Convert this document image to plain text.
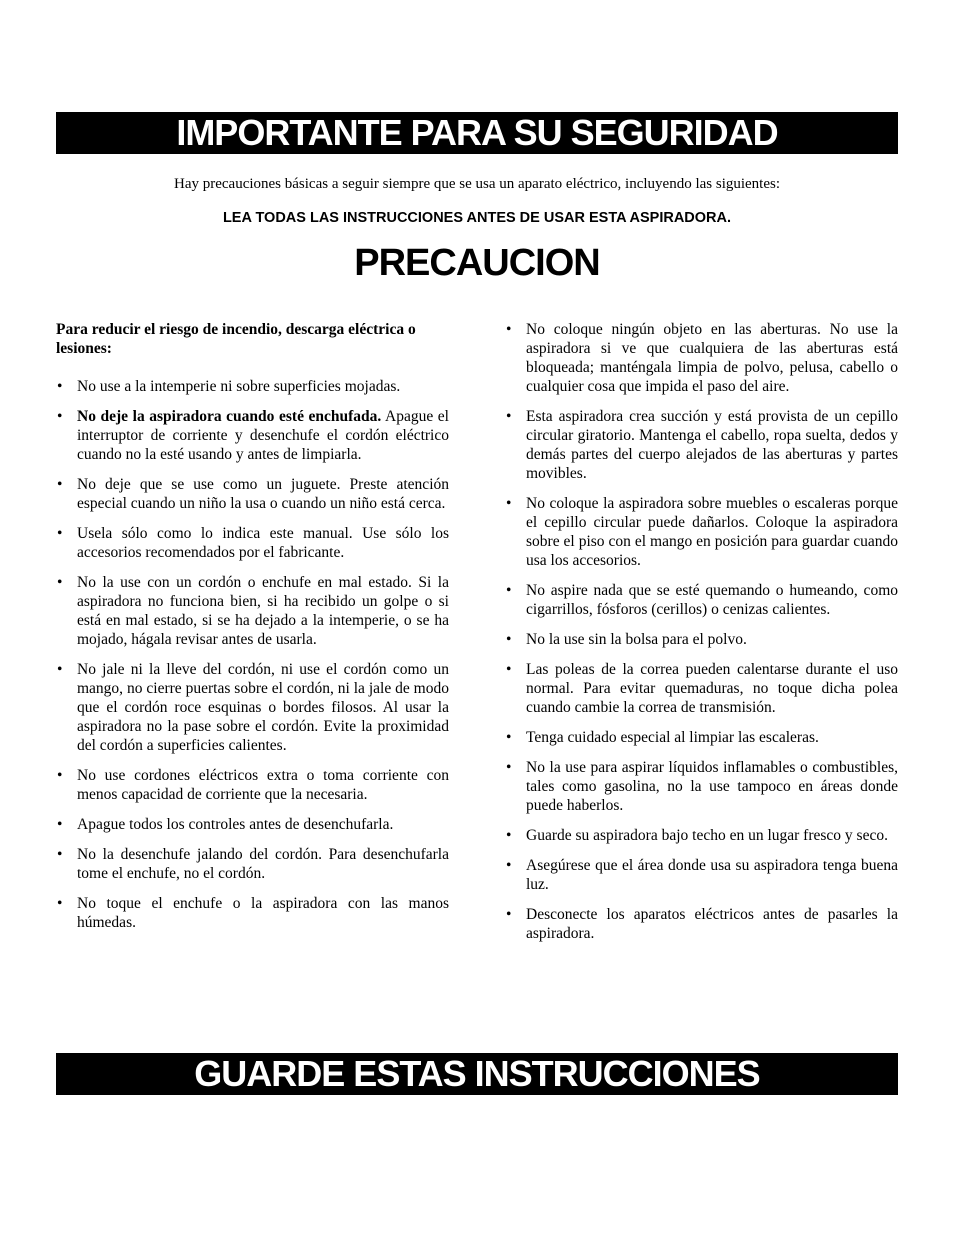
IMPORTANTE PARA SU SEGURIDAD
Hay precauciones básicas a seguir siempre que se usa un aparato eléctrico, incluyendo las siguientes:
LEA TODAS LAS INSTRUCCIONES ANTES DE USAR ESTA ASPIRADORA.
PRECAUCION

Para reducir el riesgo de incendio, descarga eléctrica o lesiones:

• No use a la intemperie ni sobre superficies mojadas.
• No deje la aspiradora cuando esté enchufada. Apague el interruptor de corriente y desenchufe el cordón eléctrico cuando no la esté usando y antes de limpiarla.
• No deje que se use como un juguete. Preste atención especial cuando un niño la usa o cuando un niño está cerca.
• Usela sólo como lo indica este manual. Use sólo los accesorios recomendados por el fabricante.
• No la use con un cordón o enchufe en mal estado. Si la aspiradora no funciona bien, si ha recibido un golpe o si está en mal estado, si se ha dejado a la intemperie, o se ha mojado, hágala revisar antes de usarla.
• No jale ni la lleve del cordón, ni use el cordón como un mango, no cierre puertas sobre el cordón, ni la jale de modo que el cordón roce esquinas o bordes filosos. Al usar la aspiradora no la pase sobre el cordón. Evite la proximidad del cordón a superficies calientes.
• No use cordones eléctricos extra o toma corriente con menos capacidad de corriente que la necesaria.
• Apague todos los controles antes de desenchufarla.
• No la desenchufe jalando del cordón. Para desenchufarla tome el enchufe, no el cordón.
• No toque el enchufe o la aspiradora con las manos húmedas.
• No coloque ningún objeto en las aberturas. No use la aspiradora si ve que cualquiera de las aberturas está bloqueada; manténgala limpia de polvo, pelusa, cabello o cualquier cosa que impida el paso del aire.
• Esta aspiradora crea succión y está provista de un cepillo circular giratorio. Mantenga el cabello, ropa suelta, dedos y demás partes del cuerpo alejados de las aberturas y partes movibles.
• No coloque la aspiradora sobre muebles o escaleras porque el cepillo circular puede dañarlos. Coloque la aspiradora sobre el piso con el mango en posición para guardar cuando usa los accesorios.
• No aspire nada que se esté quemando o humeando, como cigarrillos, fósforos (cerillos) o cenizas calientes.
• No la use sin la bolsa para el polvo.
• Las poleas de la correa pueden calentarse durante el uso normal. Para evitar quemaduras, no toque dicha polea cuando cambie la correa de transmisión.
• Tenga cuidado especial al limpiar las escaleras.
• No la use para aspirar líquidos inflamables o combustibles, tales como gasolina, no la use tampoco en áreas donde puede haberlos.
• Guarde su aspiradora bajo techo en un lugar fresco y seco.
• Asegúrese que el área donde usa su aspiradora tenga buena luz.
• Desconecte los aparatos eléctricos antes de pasarles la aspiradora.
GUARDE ESTAS INSTRUCCIONES
